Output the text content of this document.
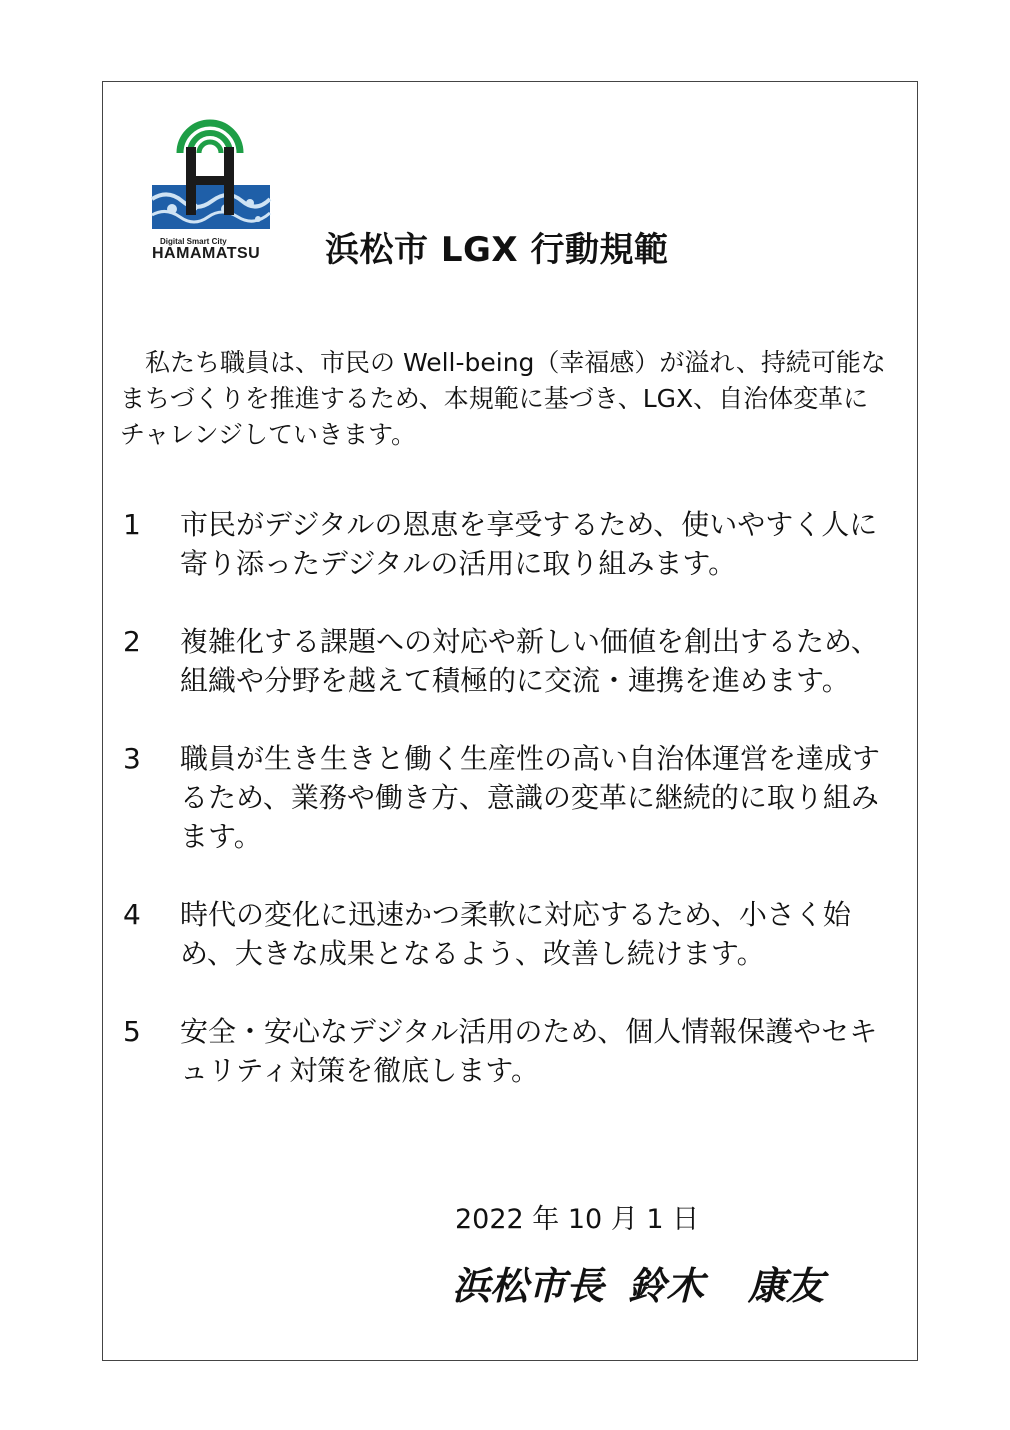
Digital Smart City
HAMAMATSU 浜松市 LGX 行動規範
私たち職員は、市民の Well-being（幸福感）が溢れ、持続可能なまちづくりを推進するため、本規範に基づき、LGX、自治体変革にチャレンジしていきます。
1	市民がデジタルの恩恵を享受するため、使いやすく人に寄り添ったデジタルの活用に取り組みます。
2	複雑化する課題への対応や新しい価値を創出するため、組織や分野を越えて積極的に交流・連携を進めます。
3	職員が生き生きと働く生産性の高い自治体運営を達成するため、業務や働き方、意識の変革に継続的に取り組みます。
4	時代の変化に迅速かつ柔軟に対応するため、小さく始め、大きな成果となるよう、改善し続けます。
5	安全・安心なデジタル活用のため、個人情報保護やセキュリティ対策を徹底します。
2022 年 10 月 1 日
浜松市長 鈴木 康友
